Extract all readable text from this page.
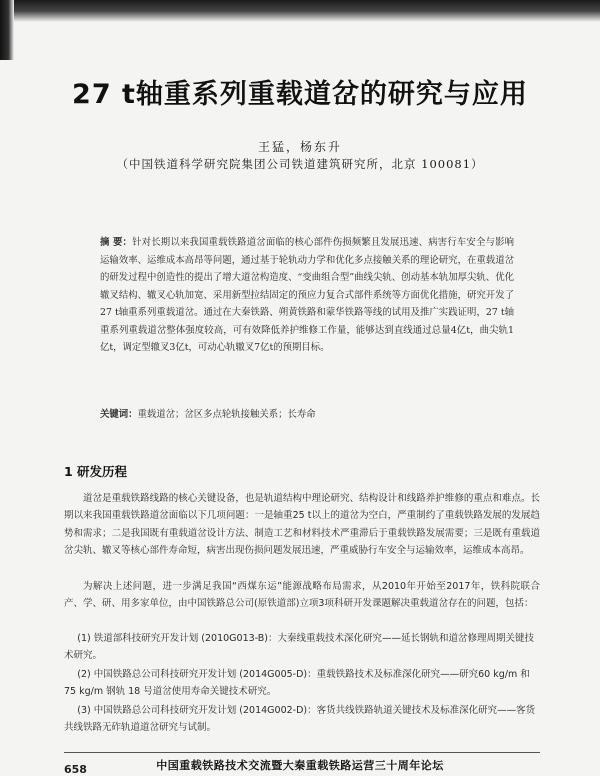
27 t轴重系列重载道岔的研究与应用
王猛，杨东升
（中国铁道科学研究院集团公司铁道建筑研究所，北京 100081）
摘 要：针对长期以来我国重载铁路道岔面临的核心部件伤损频繁且发展迅速、病害行车安全与影响运输效率、运维成本高昂等问题，通过基于轮轨动力学和优化多点接触关系的理论研究，在重载道岔的研发过程中创造性的提出了增大道岔构造度、“变曲组合型”曲线尖轨、创动基本轨加厚尖轨、优化辙叉结构、辙叉心轨加宽、采用新型拉结固定的预应力复合式部件系统等方面优化措施，研究开发了27 t轴重系列重载道岔。通过在大秦铁路、朔黄铁路和蒙华铁路等线的试用及推广实践证明，27 t轴重系列重载道岔整体强度较高，可有效降低养护维修工作量，能够达到直线通过总量4亿t，曲尖轨1亿t，调定型辙叉3亿t，可动心轨辙叉7亿t的预期目标。
关键词：重载道岔；岔区多点轮轨接触关系；长寿命
1 研发历程
道岔是重载铁路线路的核心关键设备，也是轨道结构中理论研究、结构设计和线路养护维修的重点和难点。长期以来我国重载铁路道岔面临以下几项问题：一是轴重25 t以上的道岔为空白，严重制约了重载铁路发展的发展趋势和需求；二是我国既有重载道岔设计方法、制造工艺和材料技术严重滞后于重载铁路发展需要；三是既有重载道岔尖轨、辙叉等核心部件寿命短，病害出现伤损问题发展迅速，严重威胁行车安全与运输效率，运维成本高昂。
为解决上述问题，进一步满足我国“西煤东运”能源战略布局需求，从2010年开始至2017年，铁科院联合产、学、研、用多家单位，由中国铁路总公司(原铁道部)立项3项科研开发课题解决重载道岔存在的问题，包括：
(1) 铁道部科技研究开发计划 (2010G013-B)：大秦线重载技术深化研究——延长钢轨和道岔修理周期关键技术研究。
(2) 中国铁路总公司科技研究开发计划 (2014G005-D)：重载铁路技术及标准深化研究——研究60 kg/m 和 75 kg/m 钢轨 18 号道岔使用寿命关键技术研究。
(3) 中国铁路总公司科技研究开发计划 (2014G002-D)：客货共线铁路轨道关键技术及标准深化研究——客货共线铁路无砟轨道道岔研究与试制。
658	中国重载铁路技术交流暨大秦重载铁路运营三十周年论坛
